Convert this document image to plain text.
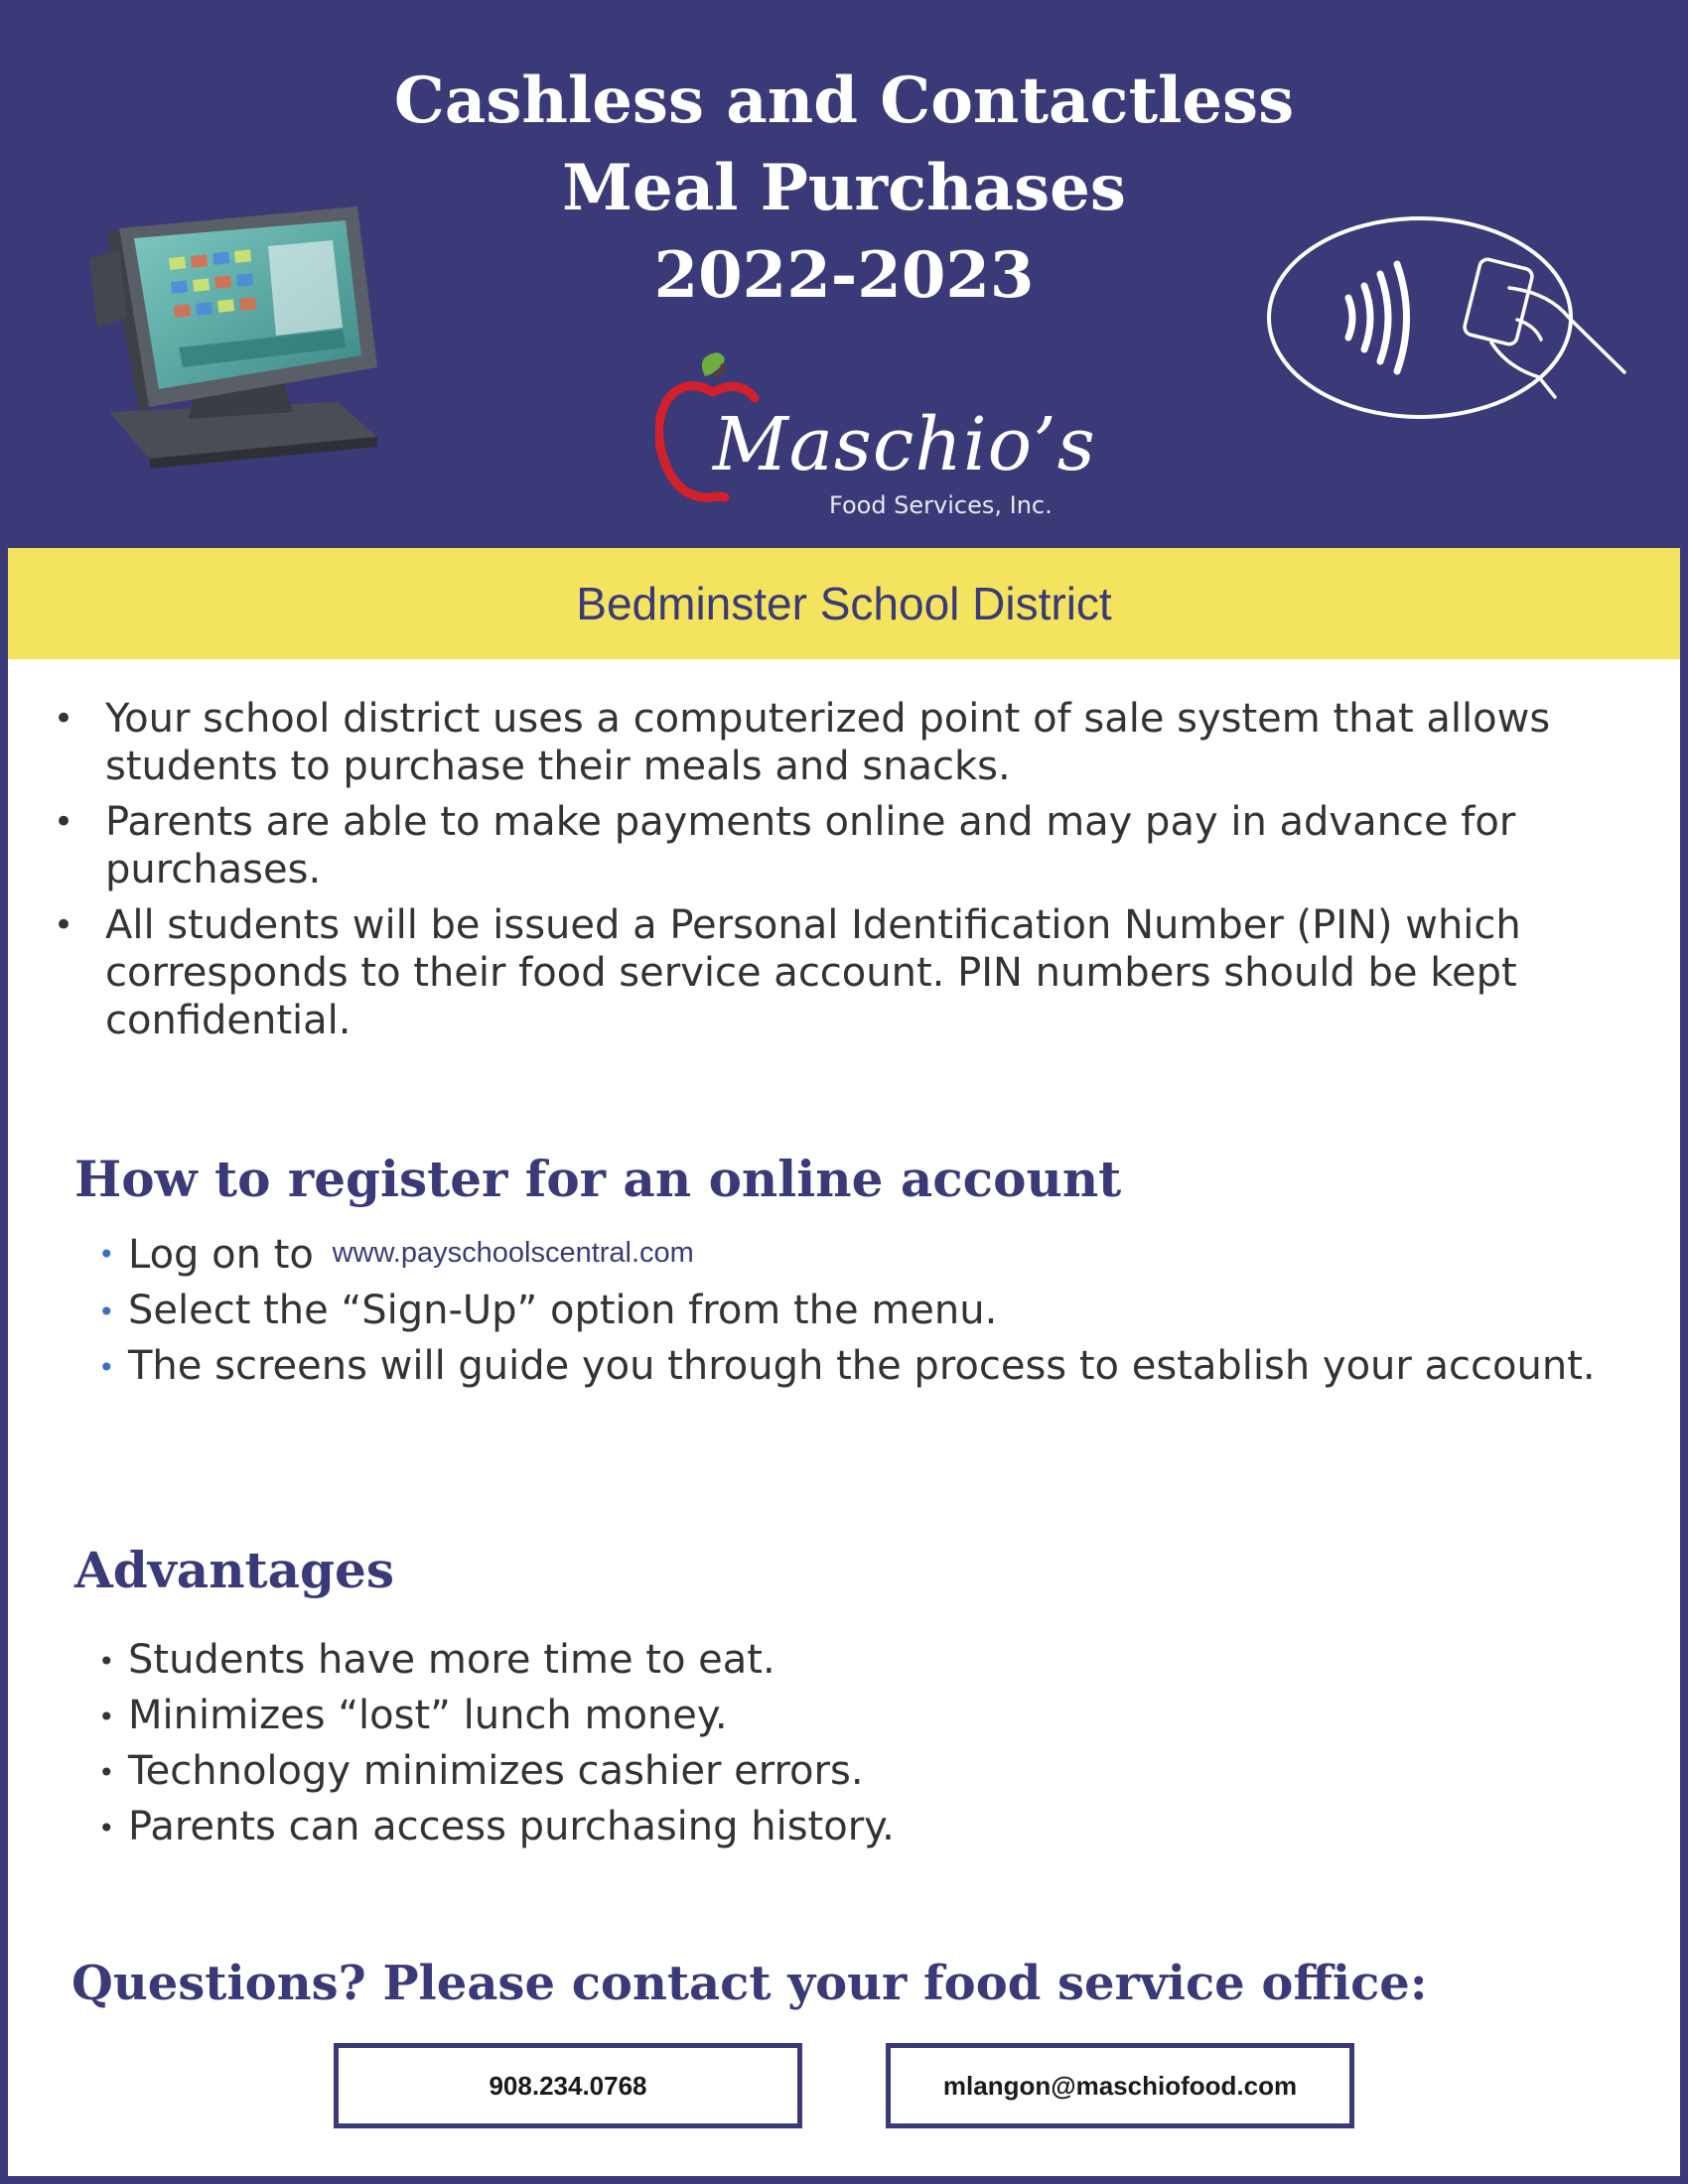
Cashless and Contactless
Meal Purchases
2022-2023
Maschio’s
Food Services, Inc.
Bedminster School District
• Your school district uses a computerized point of sale system that allows students to purchase their meals and snacks.
• Parents are able to make payments online and may pay in advance for purchases.
• All students will be issued a Personal Identification Number (PIN) which corresponds to their food service account. PIN numbers should be kept confidential.
How to register for an online account
• Log on to www.payschoolscentral.com
• Select the “Sign-Up” option from the menu.
• The screens will guide you through the process to establish your account.
Advantages
• Students have more time to eat.
• Minimizes “lost” lunch money.
• Technology minimizes cashier errors.
• Parents can access purchasing history.
Questions? Please contact your food service office:
908.234.0768	mlangon@maschiofood.com
